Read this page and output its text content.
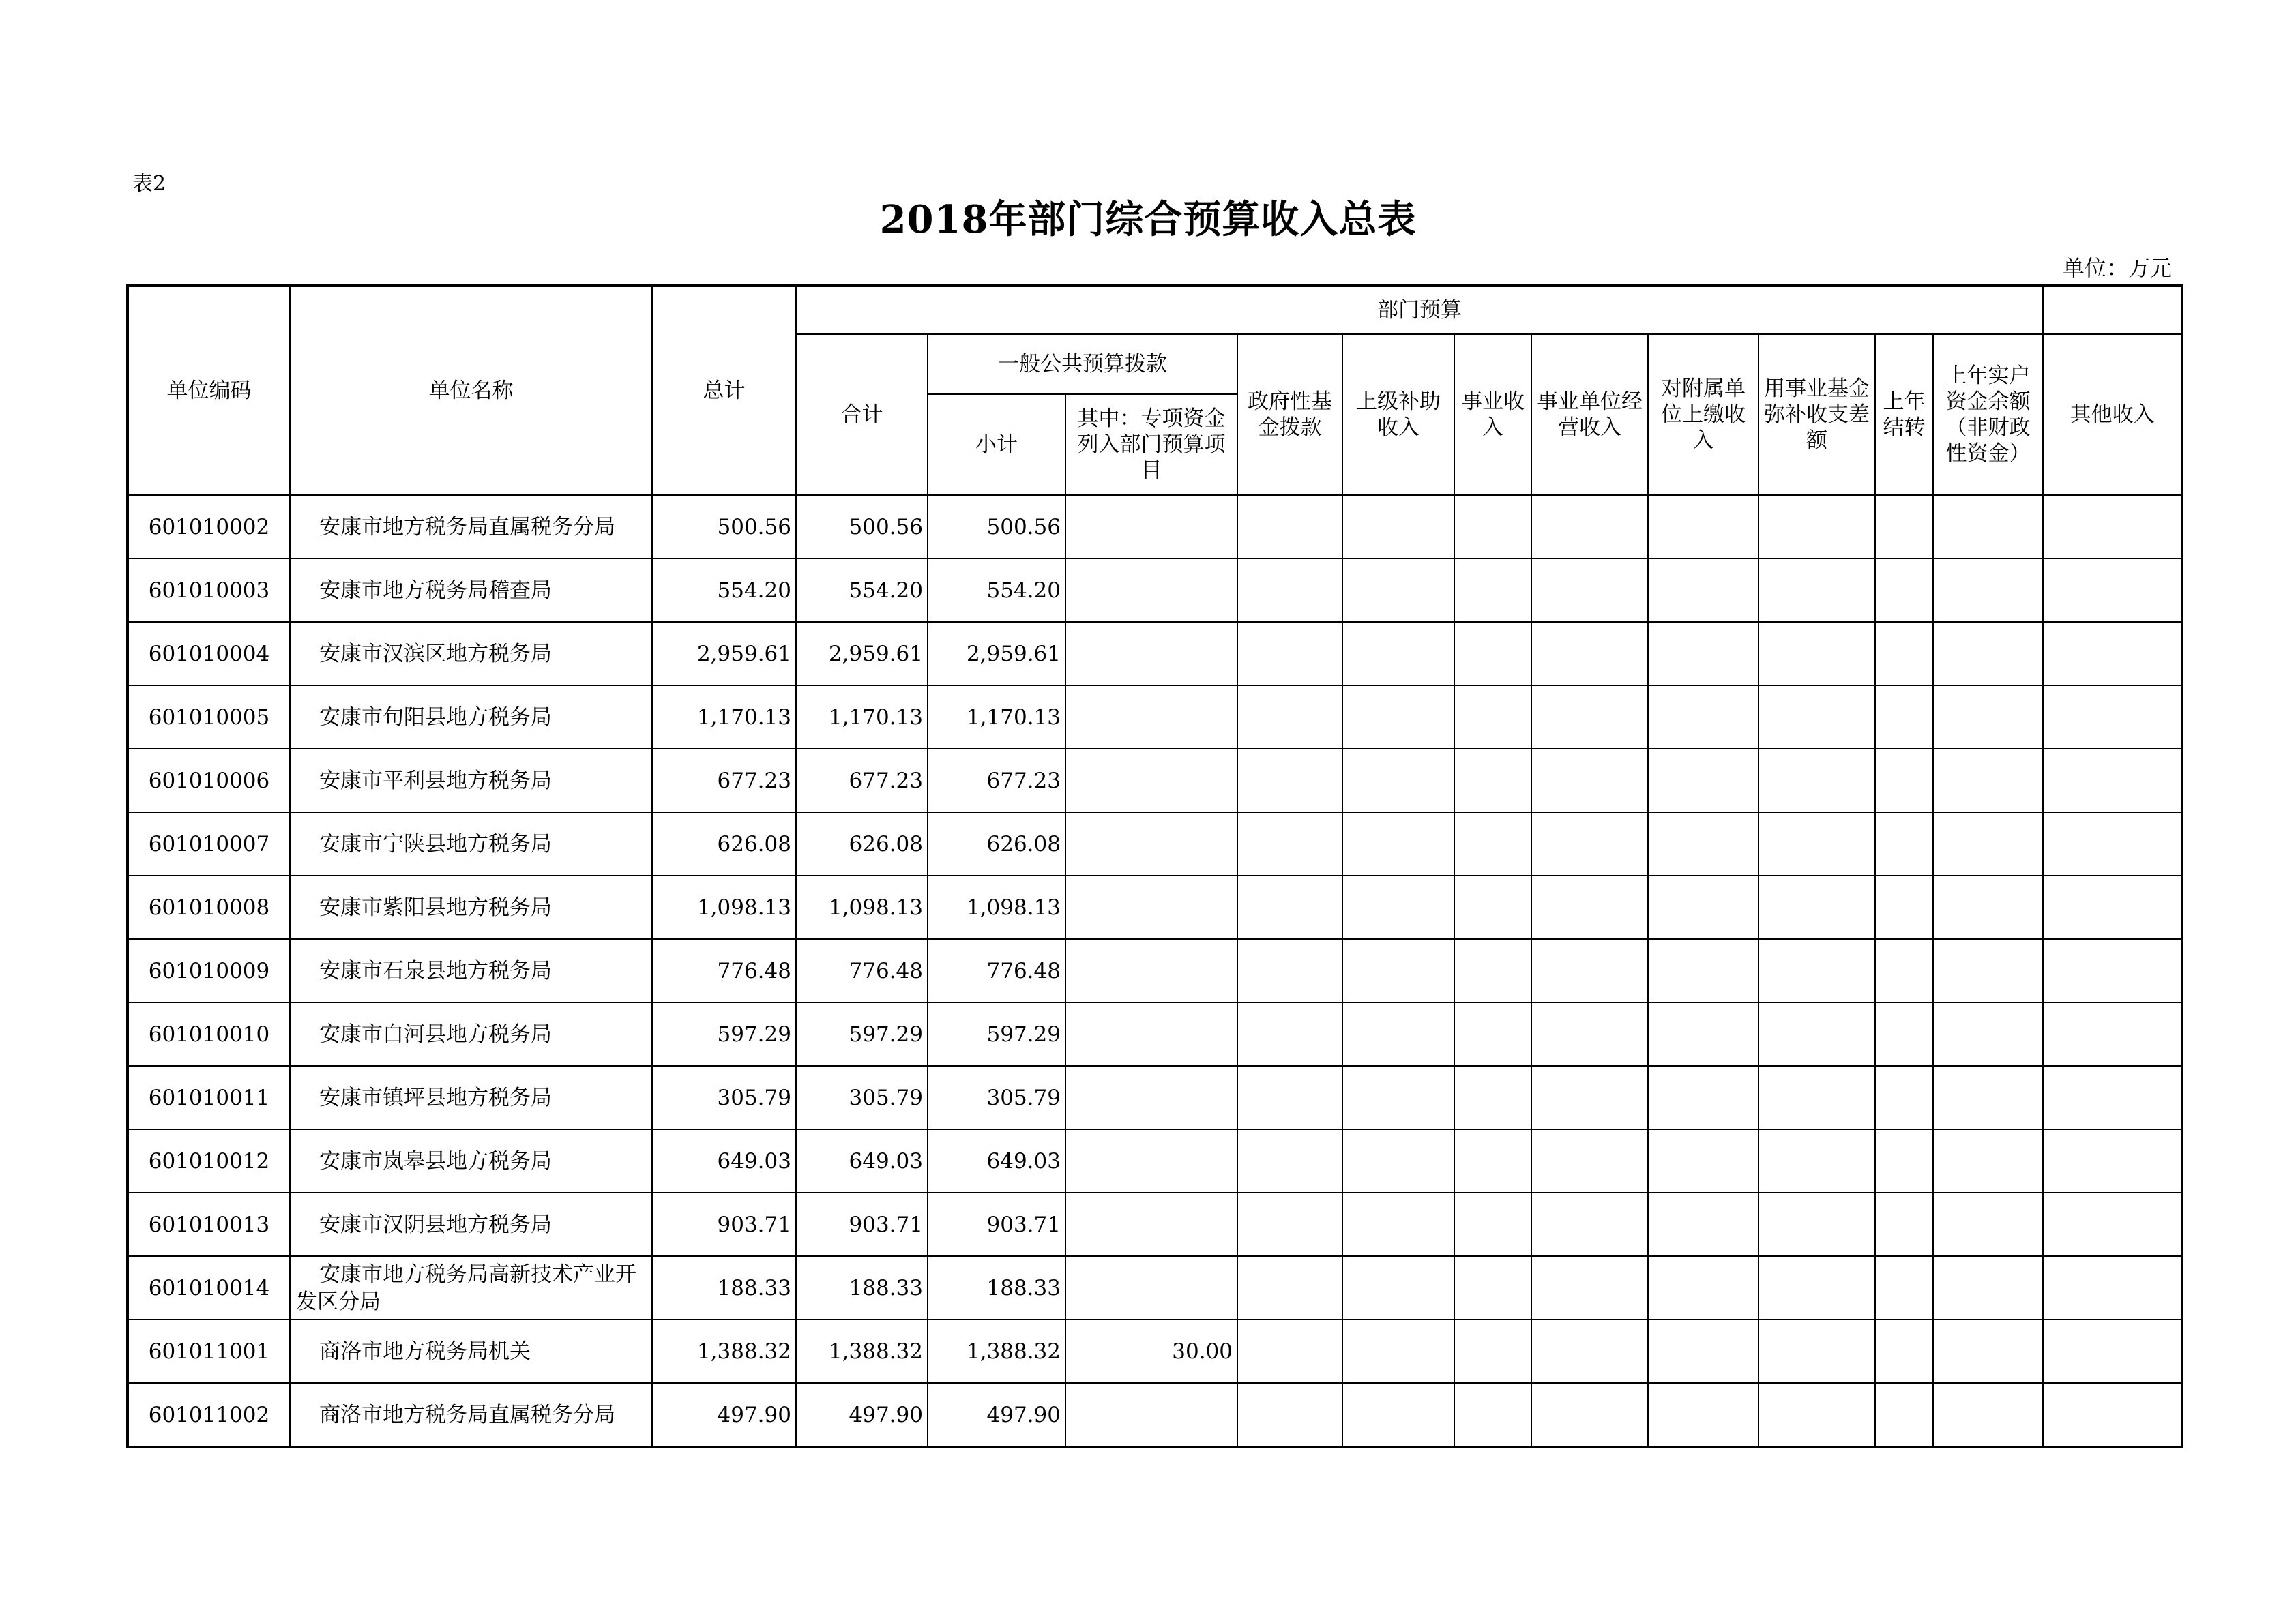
表2
2018年部门综合预算收入总表
单位：万元
单位编码	单位名称	总计	部门预算											
			合计	一般公共预算拨款		政府性基金拨款	上级补助收入	事业收入	事业单位经营收入	对附属单位上缴收入	用事业基金弥补收支差额	上年结转	上年实户资金余额（非财政性资金）	其他收入
				小计	其中：专项资金列入部门预算项目									
601010002	安康市地方税务局直属税务分局	500.56	500.56	500.56										
601010003	安康市地方税务局稽查局	554.20	554.20	554.20										
601010004	安康市汉滨区地方税务局	2,959.61	2,959.61	2,959.61										
601010005	安康市旬阳县地方税务局	1,170.13	1,170.13	1,170.13										
601010006	安康市平利县地方税务局	677.23	677.23	677.23										
601010007	安康市宁陕县地方税务局	626.08	626.08	626.08										
601010008	安康市紫阳县地方税务局	1,098.13	1,098.13	1,098.13										
601010009	安康市石泉县地方税务局	776.48	776.48	776.48										
601010010	安康市白河县地方税务局	597.29	597.29	597.29										
601010011	安康市镇坪县地方税务局	305.79	305.79	305.79										
601010012	安康市岚皋县地方税务局	649.03	649.03	649.03										
601010013	安康市汉阴县地方税务局	903.71	903.71	903.71										
601010014	安康市地方税务局高新技术产业开发区分局	188.33	188.33	188.33										
601011001	商洛市地方税务局机关	1,388.32	1,388.32	1,388.32	30.00									
601011002	商洛市地方税务局直属税务分局	497.90	497.90	497.90										
